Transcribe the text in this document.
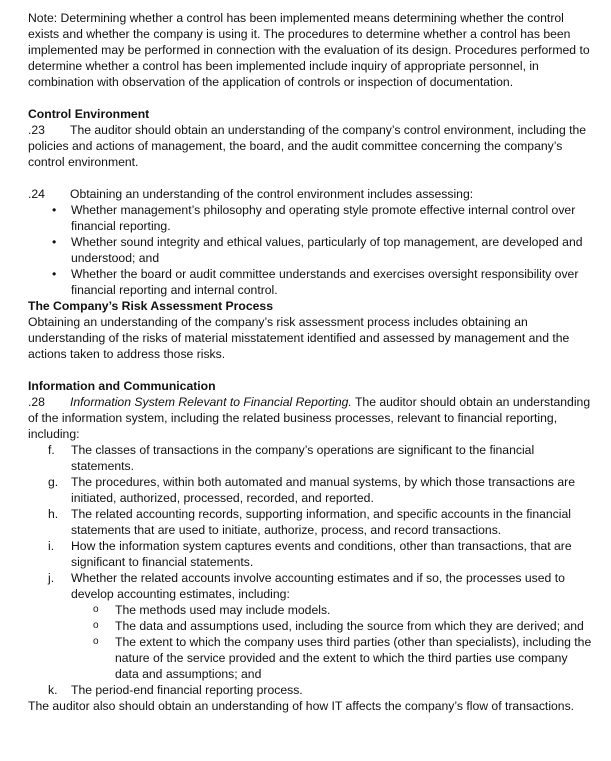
Note: Determining whether a control has been implemented means determining whether the control exists and whether the company is using it. The procedures to determine whether a control has been implemented may be performed in connection with the evaluation of its design. Procedures performed to determine whether a control has been implemented include inquiry of appropriate personnel, in combination with observation of the application of controls or inspection of documentation.

Control Environment

.23 The auditor should obtain an understanding of the company’s control environment, including the policies and actions of management, the board, and the audit committee concerning the company’s control environment.

.24 Obtaining an understanding of the control environment includes assessing:

• Whether management’s philosophy and operating style promote effective internal control over financial reporting.
• Whether sound integrity and ethical values, particularly of top management, are developed and understood; and
• Whether the board or audit committee understands and exercises oversight responsibility over financial reporting and internal control.

The Company’s Risk Assessment Process

Obtaining an understanding of the company’s risk assessment process includes obtaining an understanding of the risks of material misstatement identified and assessed by management and the actions taken to address those risks.

Information and Communication

.28 Information System Relevant to Financial Reporting. The auditor should obtain an understanding of the information system, including the related business processes, relevant to financial reporting, including:

f. The classes of transactions in the company’s operations are significant to the financial statements.
g. The procedures, within both automated and manual systems, by which those transactions are initiated, authorized, processed, recorded, and reported.
h. The related accounting records, supporting information, and specific accounts in the financial statements that are used to initiate, authorize, process, and record transactions.
i. How the information system captures events and conditions, other than transactions, that are significant to financial statements.
j. Whether the related accounts involve accounting estimates and if so, the processes used to develop accounting estimates, including:
o The methods used may include models.
o The data and assumptions used, including the source from which they are derived; and
o The extent to which the company uses third parties (other than specialists), including the nature of the service provided and the extent to which the third parties use company data and assumptions; and
k. The period-end financial reporting process.

The auditor also should obtain an understanding of how IT affects the company’s flow of transactions.
